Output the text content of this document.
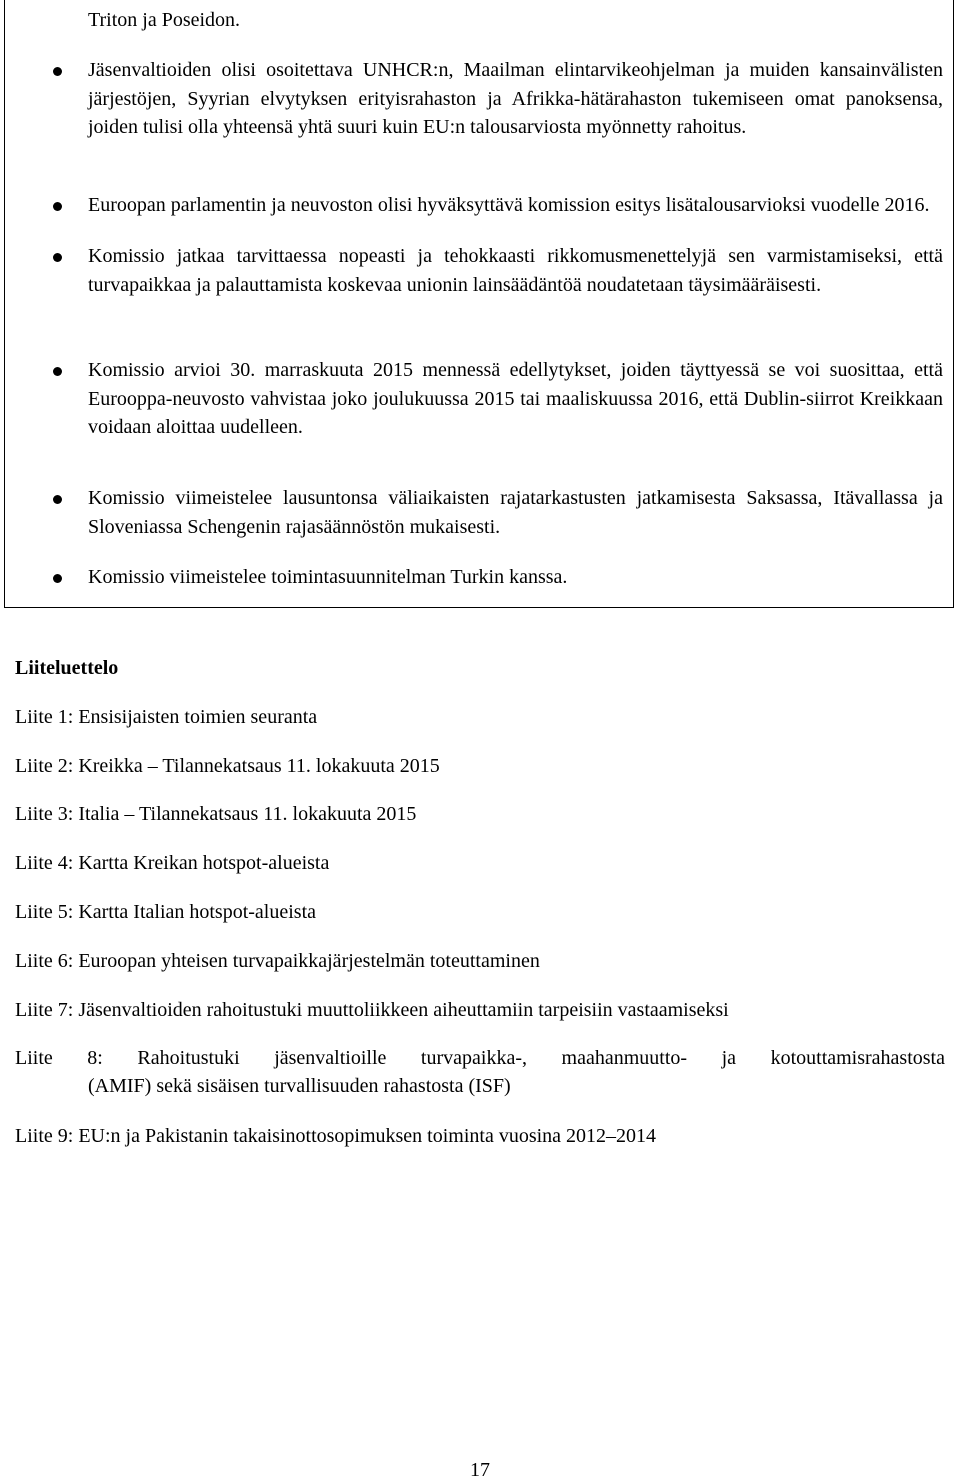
Triton ja Poseidon.

Jäsenvaltioiden olisi osoitettava UNHCR:n, Maailman elintarvikeohjelman ja muiden kansainvälisten järjestöjen, Syyrian elvytyksen erityisrahaston ja Afrikka-hätärahaston tukemiseen omat panoksensa, joiden tulisi olla yhteensä yhtä suuri kuin EU:n talousarviosta myönnetty rahoitus.

Euroopan parlamentin ja neuvoston olisi hyväksyttävä komission esitys lisätalousarvioksi vuodelle 2016.

Komissio jatkaa tarvittaessa nopeasti ja tehokkaasti rikkomusmenettelyjä sen varmistamiseksi, että turvapaikkaa ja palauttamista koskevaa unionin lainsäädäntöä noudatetaan täysimääräisesti.

Komissio arvioi 30. marraskuuta 2015 mennessä edellytykset, joiden täyttyessä se voi suosittaa, että Eurooppa-neuvosto vahvistaa joko joulukuussa 2015 tai maaliskuussa 2016, että Dublin-siirrot Kreikkaan voidaan aloittaa uudelleen.

Komissio viimeistelee lausuntonsa väliaikaisten rajatarkastusten jatkamisesta Saksassa, Itävallassa ja Sloveniassa Schengenin rajasäännöstön mukaisesti.

Komissio viimeistelee toimintasuunnitelman Turkin kanssa.

Liiteluettelo

Liite 1: Ensisijaisten toimien seuranta

Liite 2: Kreikka – Tilannekatsaus 11. lokakuuta 2015

Liite 3: Italia – Tilannekatsaus 11. lokakuuta 2015

Liite 4: Kartta Kreikan hotspot-alueista

Liite 5: Kartta Italian hotspot-alueista

Liite 6: Euroopan yhteisen turvapaikkajärjestelmän toteuttaminen

Liite 7: Jäsenvaltioiden rahoitustuki muuttoliikkeen aiheuttamiin tarpeisiin vastaamiseksi

Liite 8: Rahoitustuki jäsenvaltioille turvapaikka-, maahanmuutto- ja kotouttamisrahastosta

(AMIF) sekä sisäisen turvallisuuden rahastosta (ISF)

Liite 9: EU:n ja Pakistanin takaisinottosopimuksen toiminta vuosina 2012–2014

17
